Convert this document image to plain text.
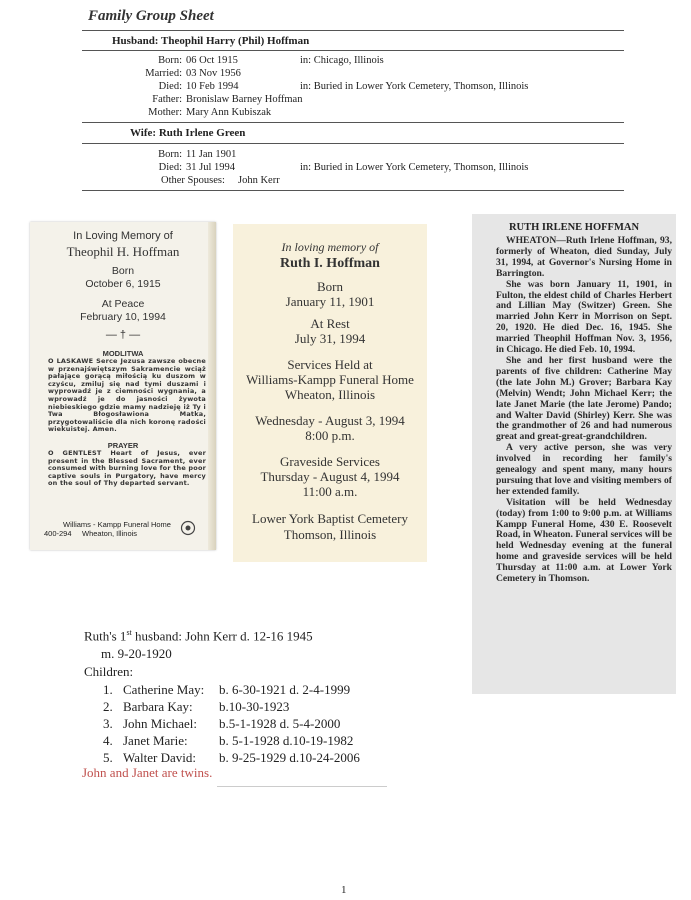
Family Group Sheet
Husband: Theophil Harry (Phil) Hoffman
Born: 06 Oct 1915	in: Chicago, Illinois
Married: 03 Nov 1956
Died: 10 Feb 1994	in: Buried in Lower York Cemetery, Thomson, Illinois
Father: Bronislaw Barney Hoffman
Mother: Mary Ann Kubiszak
Wife: Ruth Irlene Green
Born: 11 Jan 1901
Died: 31 Jul 1994	in: Buried in Lower York Cemetery, Thomson, Illinois
Other Spouses: John Kerr
In Loving Memory of
Theophil H. Hoffman
Born
October 6, 1915
At Peace
February 10, 1994
— † —
MODLITWA
O LASKAWE Serce Jezusa zawsze obecne w przenajświętszym Sakramencie wciąż pałające gorącą miłością ku duszom w czyścu, zmiluj się nad tymi duszami i wyprowadź je z ciemności wygnania, a wprowadź je do jasności żywota niebieskiego gdzie mamy nadzieję iż Ty i Twa Błogosławiona Matka, przygotowaliście dla nich koronę radości wiekuistej. Amen.
PRAYER
O GENTLEST Heart of Jesus, ever present in the Blessed Sacrament, ever consumed with burning love for the poor captive souls in Purgatory, have mercy on the soul of Thy departed servant.
Williams - Kampp Funeral Home
400-294 Wheaton, Illinois
In loving memory of
Ruth I. Hoffman
Born
January 11, 1901
At Rest
July 31, 1994
Services Held at
Williams-Kampp Funeral Home
Wheaton, Illinois
Wednesday - August 3, 1994
8:00 p.m.
Graveside Services
Thursday - August 4, 1994
11:00 a.m.
Lower York Baptist Cemetery
Thomson, Illinois
RUTH IRLENE HOFFMAN

WHEATON—Ruth Irlene Hoffman, 93, formerly of Wheaton, died Sunday, July 31, 1994, at Governor's Nursing Home in Barrington.

She was born January 11, 1901, in Fulton, the eldest child of Charles Herbert and Lillian May (Switzer) Green. She married John Kerr in Morrison on Sept. 20, 1920. He died Dec. 16, 1945. She married Theophil Hoffman Nov. 3, 1956, in Chicago. He died Feb. 10, 1994.

She and her first husband were the parents of five children: Catherine May (the late John M.) Grover; Barbara Kay (Melvin) Wendt; John Michael Kerr; the late Janet Marie (the late Jerome) Pando; and Walter David (Shirley) Kerr. She was the grandmother of 26 and had numerous great and great-great-grandchildren.

A very active person, she was very involved in recording her family's genealogy and spent many, many hours pursuing that love and visiting members of her extended family.

Visitation will be held Wednesday (today) from 1:00 to 9:00 p.m. at Williams Kampp Funeral Home, 430 E. Roosevelt Road, in Wheaton. Funeral services will be held Wednesday evening at the funeral home and graveside services will be held Thursday at 11:00 a.m. at Lower York Cemetery in Thomson.

Ruth's 1st husband: John Kerr d. 12-16 1945
m. 9-20-1920
Children:
1. Catherine May: b. 6-30-1921 d. 2-4-1999
2. Barbara Kay: b.10-30-1923
3. John Michael: b.5-1-1928 d. 5-4-2000
4. Janet Marie: b. 5-1-1928 d.10-19-1982
5. Walter David: b. 9-25-1929 d.10-24-2006
John and Janet are twins.
1
